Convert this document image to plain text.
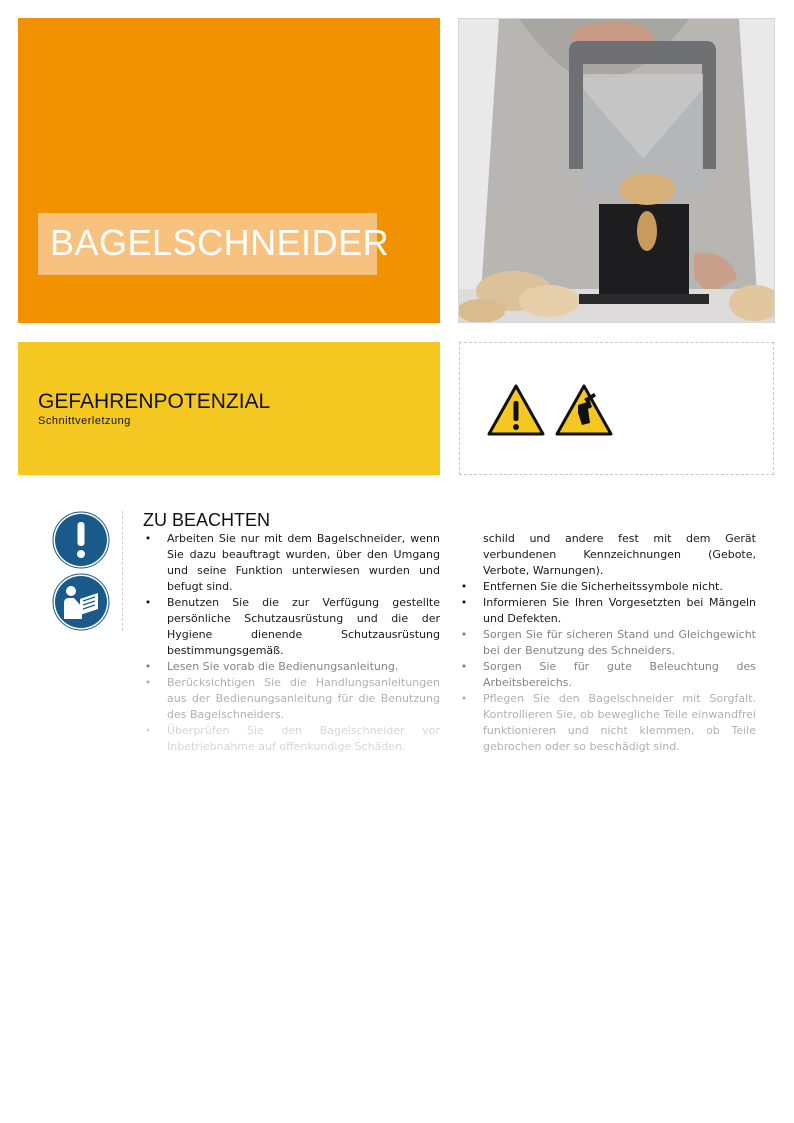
BAGELSCHNEIDER
GEFAHRENPOTENZIAL
Schnittverletzung
ZU BEACHTEN
• Arbeiten Sie nur mit dem Bagelschneider, wenn Sie dazu beauftragt wurden, über den Umgang und seine Funktion unterwiesen wurden und befugt sind.
• Benutzen Sie die zur Verfügung gestellte persönliche Schutzausrüstung und die der Hygiene dienende Schutzausrüstung bestimmungsgemäß.
• Lesen Sie vorab die Bedienungsanleitung.
• Berücksichtigen Sie die Handlungsanleitungen aus der Bedienungsanleitung für die Benutzung des Bagelschneiders.
• Überprüfen Sie den Bagelschneider vor Inbetriebnahme auf offenkundige Schäden.
schild und andere fest mit dem Gerät verbundenen Kennzeichnungen (Gebote, Verbote, Warnungen).
• Entfernen Sie die Sicherheitssymbole nicht.
• Informieren Sie Ihren Vorgesetzten bei Mängeln und Defekten.
• Sorgen Sie für sicheren Stand und Gleichgewicht bei der Benutzung des Schneiders.
• Sorgen Sie für gute Beleuchtung des Arbeitsbereichs.
• Pflegen Sie den Bagelschneider mit Sorgfalt. Kontrollieren Sie, ob bewegliche Teile einwandfrei funktionieren und nicht klemmen, ob Teile gebrochen oder so beschädigt sind.
